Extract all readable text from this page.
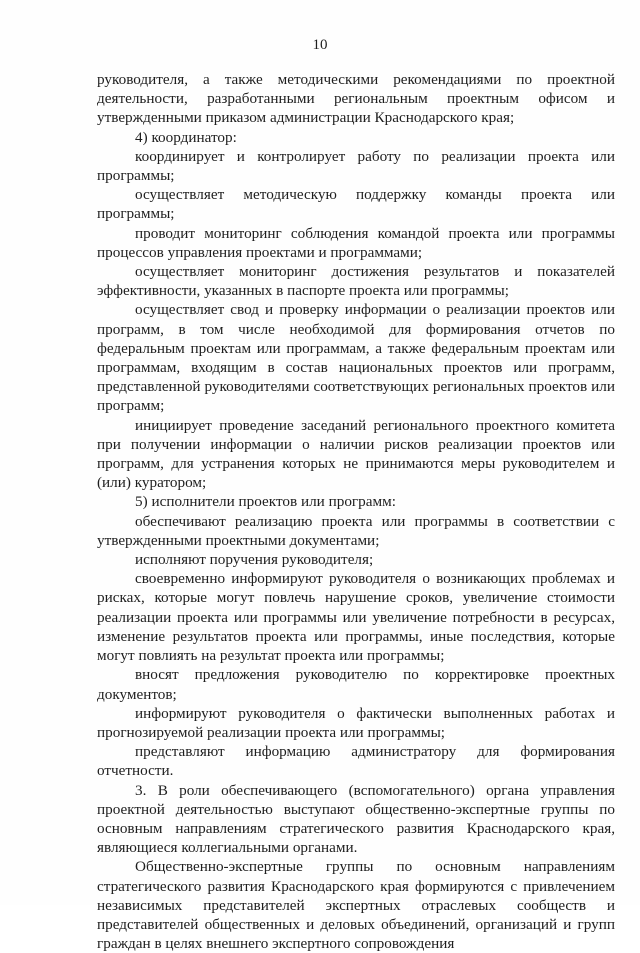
10

руководителя, а также методическими рекомендациями по проектной деятельности, разработанными региональным проектным офисом и утвержденными приказом администрации Краснодарского края;

4) координатор:

координирует и контролирует работу по реализации проекта или программы;

осуществляет методическую поддержку команды проекта или программы;

проводит мониторинг соблюдения командой проекта или программы процессов управления проектами и программами;

осуществляет мониторинг достижения результатов и показателей эффективности, указанных в паспорте проекта или программы;

осуществляет свод и проверку информации о реализации проектов или программ, в том числе необходимой для формирования отчетов по федеральным проектам или программам, а также федеральным проектам или программам, входящим в состав национальных проектов или программ, представленной руководителями соответствующих региональных проектов или программ;

инициирует проведение заседаний регионального проектного комитета при получении информации о наличии рисков реализации проектов или программ, для устранения которых не принимаются меры руководителем и (или) куратором;

5) исполнители проектов или программ:

обеспечивают реализацию проекта или программы в соответствии с утвержденными проектными документами;

исполняют поручения руководителя;

своевременно информируют руководителя о возникающих проблемах и рисках, которые могут повлечь нарушение сроков, увеличение стоимости реализации проекта или программы или увеличение потребности в ресурсах, изменение результатов проекта или программы, иные последствия, которые могут повлиять на результат проекта или программы;

вносят предложения руководителю по корректировке проектных документов;

информируют руководителя о фактически выполненных работах и прогнозируемой реализации проекта или программы;

представляют информацию администратору для формирования отчетности.

3. В роли обеспечивающего (вспомогательного) органа управления проектной деятельностью выступают общественно-экспертные группы по основным направлениям стратегического развития Краснодарского края, являющиеся коллегиальными органами.

Общественно-экспертные группы по основным направлениям стратегического развития Краснодарского края формируются с привлечением независимых представителей экспертных отраслевых сообществ и представителей общественных и деловых объединений, организаций и групп граждан в целях внешнего экспертного сопровождения
